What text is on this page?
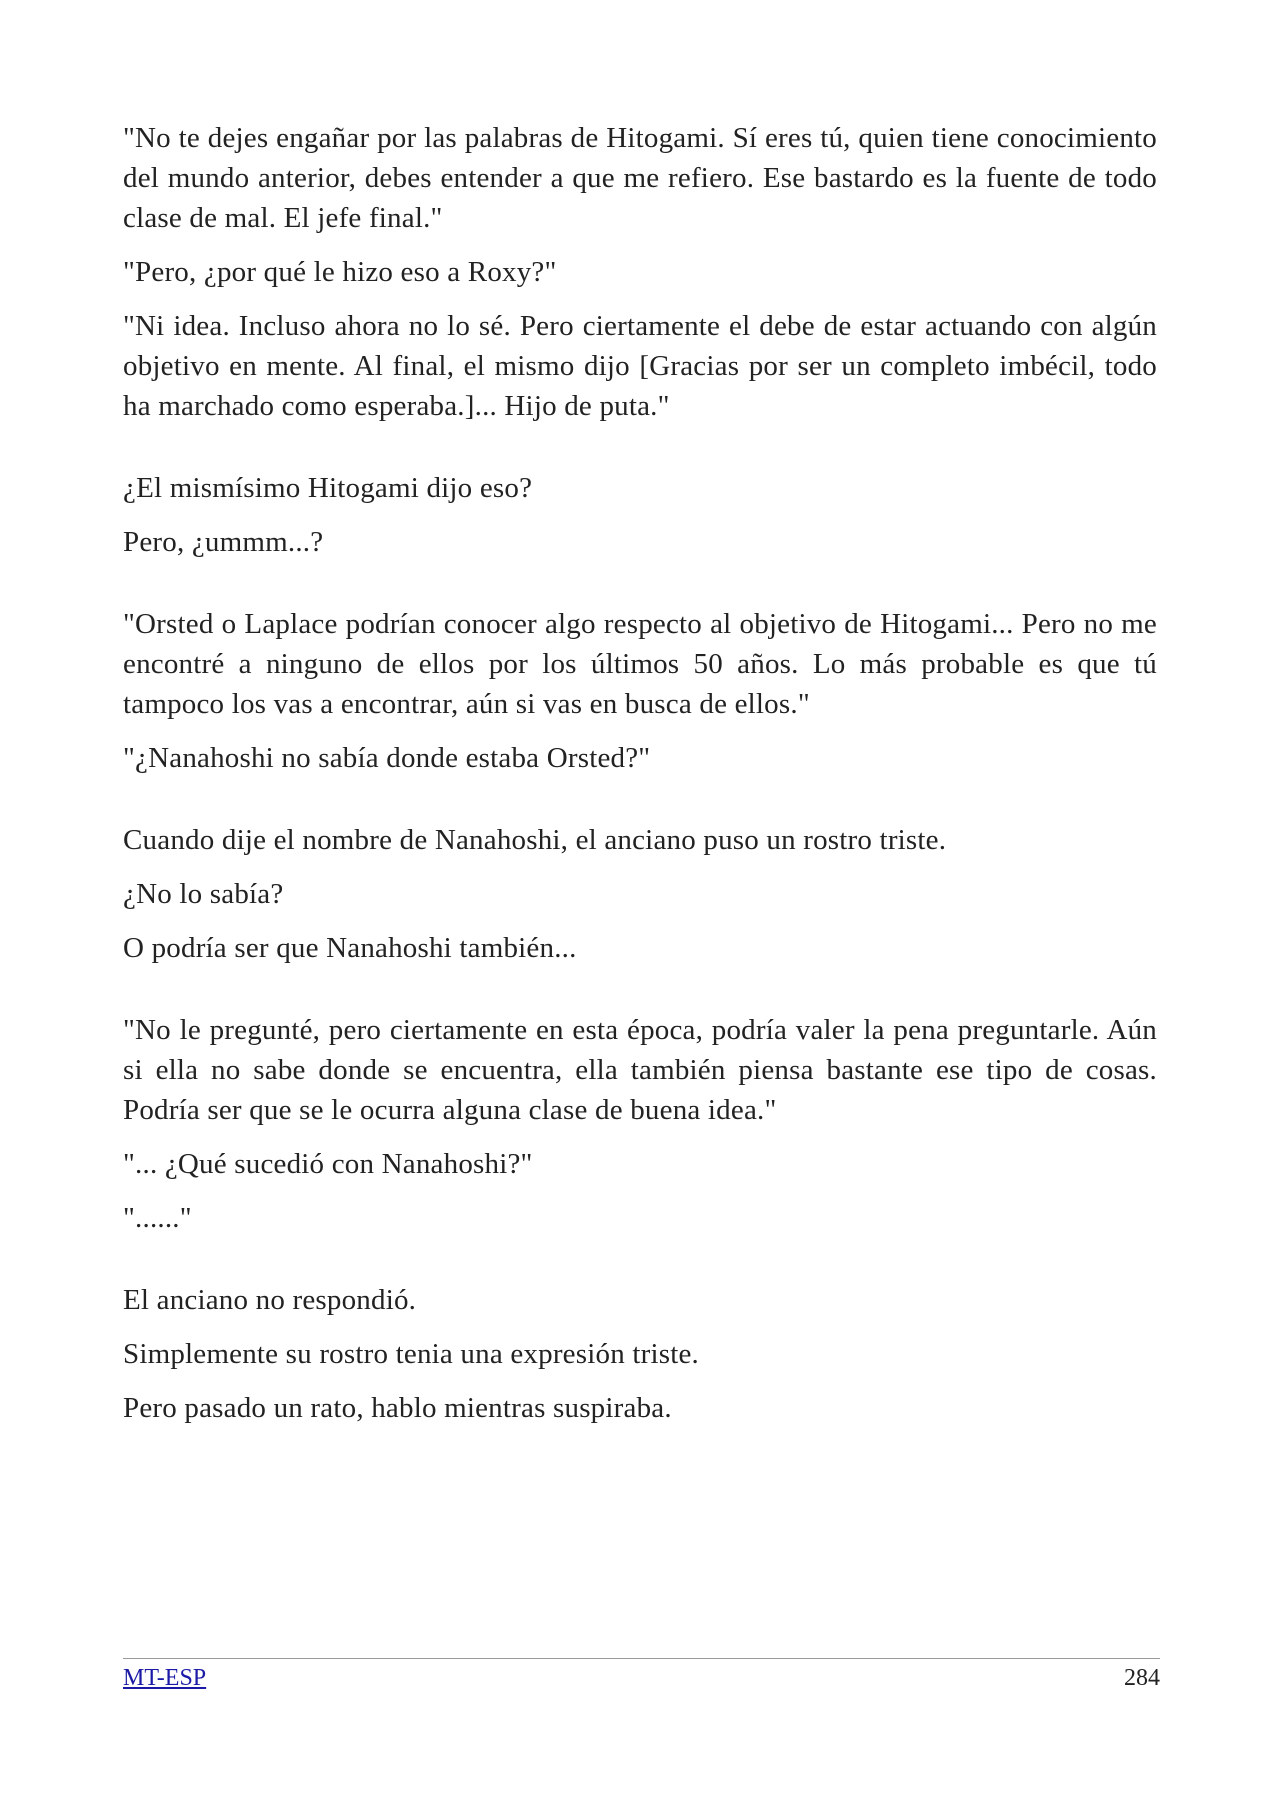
"No te dejes engañar por las palabras de Hitogami. Sí eres tú, quien tiene conocimiento del mundo anterior, debes entender a que me refiero. Ese bastardo es la fuente de todo clase de mal. El jefe final."

"Pero, ¿por qué le hizo eso a Roxy?"

"Ni idea. Incluso ahora no lo sé. Pero ciertamente el debe de estar actuando con algún objetivo en mente. Al final, el mismo dijo [Gracias por ser un completo imbécil, todo ha marchado como esperaba.]... Hijo de puta."

¿El mismísimo Hitogami dijo eso?

Pero, ¿ummm...?

"Orsted o Laplace podrían conocer algo respecto al objetivo de Hitogami... Pero no me encontré a ninguno de ellos por los últimos 50 años. Lo más probable es que tú tampoco los vas a encontrar, aún si vas en busca de ellos."

"¿Nanahoshi no sabía donde estaba Orsted?"

Cuando dije el nombre de Nanahoshi, el anciano puso un rostro triste.

¿No lo sabía?

O podría ser que Nanahoshi también...

"No le pregunté, pero ciertamente en esta época, podría valer la pena preguntarle. Aún si ella no sabe donde se encuentra, ella también piensa bastante ese tipo de cosas. Podría ser que se le ocurra alguna clase de buena idea."

"... ¿Qué sucedió con Nanahoshi?"

"......"

El anciano no respondió.

Simplemente su rostro tenia una expresión triste.

Pero pasado un rato, hablo mientras suspiraba.

MT-ESP	284
